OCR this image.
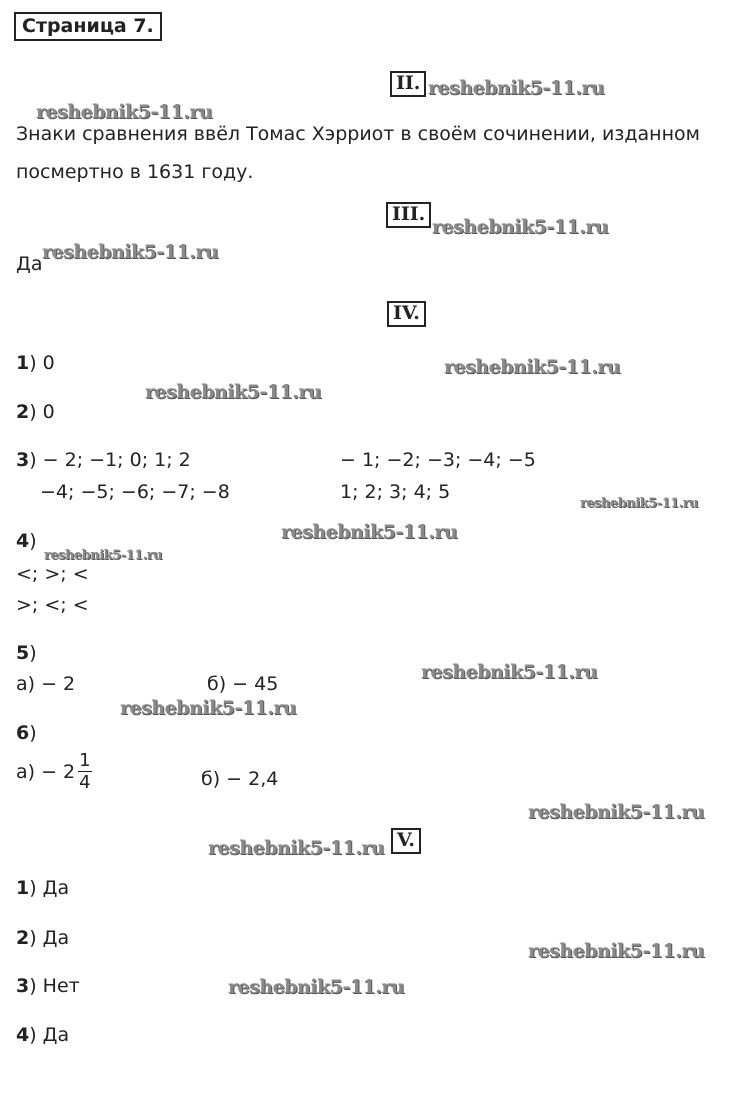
Страница 7.
II. reshebnik5-11.ru
reshebnik5-11.ru
Знаки сравнения ввёл Томас Хэрриот в своём сочинении, изданном посмертно в 1631 году.
III.
reshebnik5-11.ru
Да
reshebnik5-11.ru
IV.
1) 0	reshebnik5-11.ru
reshebnik5-11.ru
2) 0
3) − 2; −1; 0; 1; 2
−4; −5; −6; −7; −8
− 1; −2; −3; −4; −5
1; 2; 3; 4; 5
reshebnik5-11.ru
reshebnik5-11.ru
4)
reshebnik5-11.ru
<; >; <
>; <; <
5)
reshebnik5-11.ru
а) − 2	б) − 45
reshebnik5-11.ru
6)
$а) - 2 \frac{1}{4}$	б) − 2,4
reshebnik5-11.ru
reshebnik5-11.ru V.
1) Да
2) Да
reshebnik5-11.ru
3) Нет	reshebnik5-11.ru
4) Да
